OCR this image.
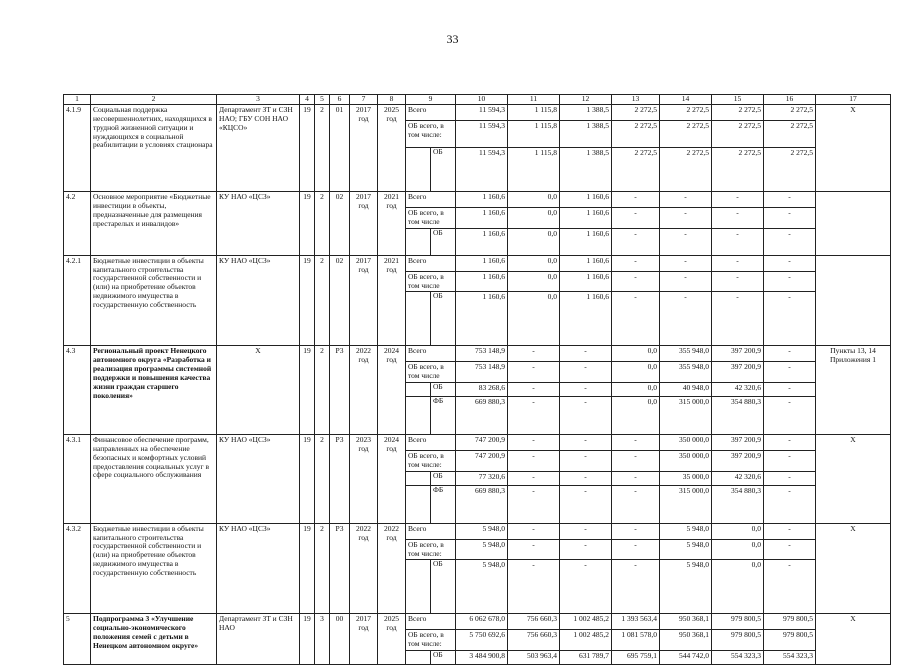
33
1	2	3	4	5	6	7	8	9	10	11	12	13	14	15	16	17
4.1.9	Социальная поддержка несовершеннолетних, находящихся в трудной жизненной ситуации и нуждающихся в социальной реабилитации в условиях стационара	Департамент ЗТ и СЗН НАО; ГБУ СОН НАО «КЦСО»	19	2	01	2017 год	2025 год	Всего	11 594,3	1 115,8	1 388,5	2 272,5	2 272,5	2 272,5	2 272,5	X
								ОБ всего, в том числе:	11 594,3	1 115,8	1 388,5	2 272,5	2 272,5	2 272,5	2 272,5	

								ОБ	11 594,3	1 115,8	1 388,5	2 272,5	2 272,5	2 272,5	2 272,5	
4.2	Основное мероприятие «Бюджетные инвестиции в объекты, предназначенные для размещения престарелых и инвалидов»	КУ НАО «ЦСЗ»	19	2	02	2017 год	2021 год	Всего	1 160,6	0,0	1 160,6	-	-	-	-	
								ОБ всего, в том числе	1 160,6	0,0	1 160,6	-	-	-	-	

								ОБ	1 160,6	0,0	1 160,6	-	-	-	-	
4.2.1	Бюджетные инвестиции в объекты капитального строительства государственной собственности и (или) на приобретение объектов недвижимого имущества в государственную собственность	КУ НАО «ЦСЗ»	19	2	02	2017 год	2021 год	Всего	1 160,6	0,0	1 160,6	-	-	-	-	
								ОБ всего, в том числе	1 160,6	0,0	1 160,6	-	-	-	-	

								ОБ	1 160,6	0,0	1 160,6	-	-	-	-	
4.3	Региональный проект Ненецкого автономного округа «Разработка и реализация программы системной поддержки и повышения качества жизни граждан старшего поколения»	X	19	2	Р3	2022 год	2024 год	Всего	753 148,9	-	-	0,0	355 948,0	397 200,9	-	Пункты 13, 14 Приложения 1
								ОБ всего, в том числе	753 148,9	-	-	0,0	355 948,0	397 200,9	-	

								ОБ	83 268,6	-	-	0,0	40 948,0	42 320,6	-	

								ФБ	669 880,3	-	-	0,0	315 000,0	354 880,3	-	
4.3.1	Финансовое обеспечение программ, направленных на обеспечение безопасных и комфортных условий предоставления социальных услуг в сфере социального обслуживания	КУ НАО «ЦСЗ»	19	2	Р3	2023 год	2024 год	Всего	747 200,9	-	-	-	350 000,0	397 200,9	-	X
								ОБ всего, в том числе:	747 200,9	-	-	-	350 000,0	397 200,9	-	

								ОБ	77 320,6	-	-	-	35 000,0	42 320,6	-	

								ФБ	669 880,3	-	-	-	315 000,0	354 880,3	-	
4.3.2	Бюджетные инвестиции в объекты капитального строительства государственной собственности и (или) на приобретение объектов недвижимого имущества в государственную собственность	КУ НАО «ЦСЗ»	19	2	Р3	2022 год	2022 год	Всего	5 948,0	-	-	-	5 948,0	0,0	-	X
								ОБ всего, в том числе:	5 948,0	-	-	-	5 948,0	0,0	-	

								ОБ	5 948,0	-	-	-	5 948,0	0,0	-	
5	Подпрограмма 3 «Улучшение социально-экономического положения семей с детьми в Ненецком автономном округе»	Департамент ЗТ и СЗН НАО	19	3	00	2017 год	2025 год	Всего	6 062 678,0	756 660,3	1 002 485,2	1 393 563,4	950 368,1	979 800,5	979 800,5	X
								ОБ всего, в том числе:	5 750 692,6	756 660,3	1 002 485,2	1 081 578,0	950 368,1	979 800,5	979 800,5	

								ОБ	3 484 900,8	503 963,4	631 789,7	695 759,1	544 742,0	554 323,3	554 323,3	
